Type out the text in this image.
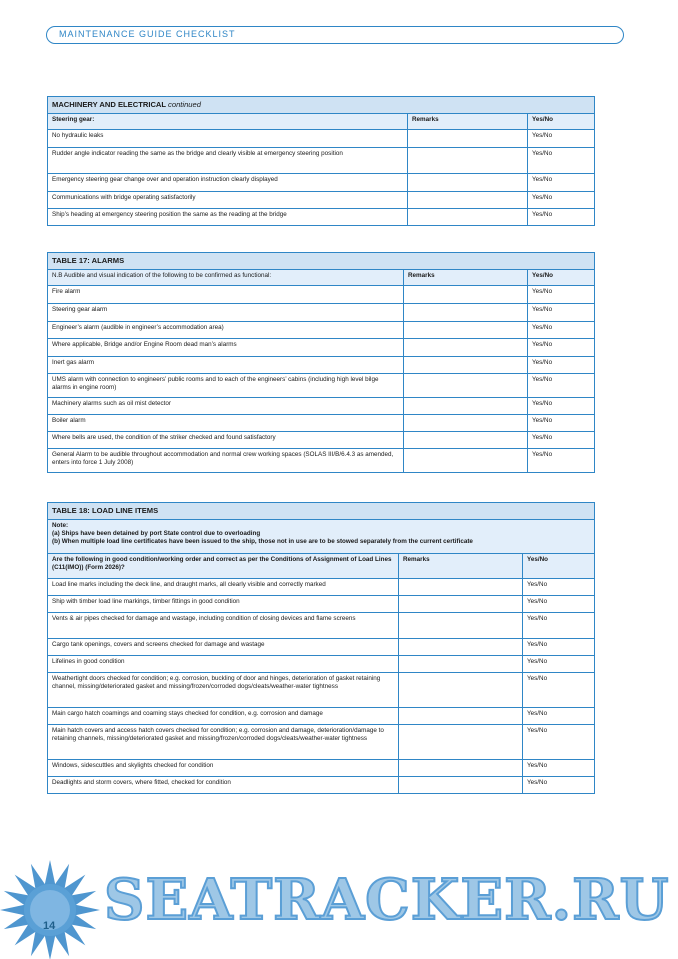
MAINTENANCE GUIDE CHECKLIST
MACHINERY AND ELECTRICAL continued		
Steering gear:	Remarks	Yes/No
No hydraulic leaks		Yes/No
Rudder angle indicator reading the same as the bridge and clearly visible at emergency steering position		Yes/No
Emergency steering gear change over and operation instruction clearly displayed		Yes/No
Communications with bridge operating satisfactorily		Yes/No
Ship’s heading at emergency steering position the same as the reading at the bridge		Yes/No
TABLE 17: ALARMS		
N.B Audible and visual indication of the following to be confirmed as functional:	Remarks	Yes/No
Fire alarm		Yes/No
Steering gear alarm		Yes/No
Engineer’s alarm (audible in engineer’s accommodation area)		Yes/No
Where applicable, Bridge and/or Engine Room dead man’s alarms		Yes/No
Inert gas alarm		Yes/No
UMS alarm with connection to engineers’ public rooms and to each of the engineers’ cabins (including high level bilge alarms in engine room)		Yes/No
Machinery alarms such as oil mist detector		Yes/No
Boiler alarm		Yes/No
Where bells are used, the condition of the striker checked and found satisfactory		Yes/No
General Alarm to be audible throughout accommodation and normal crew working spaces (SOLAS III/B/6.4.3 as amended, enters into force 1 July 2008)		Yes/No
TABLE 18: LOAD LINE ITEMS		

Note:
(a) Ships have been detained by port State control due to overloading
(b) When multiple load line certificates have been issued to the ship, those not in use are to be stowed separately from the current certificate		

Are the following in good condition/working order and correct as per the Conditions of Assignment of Load Lines (C11(IMO)) (Form 2026)?	Remarks	Yes/No
Load line marks including the deck line, and draught marks, all clearly visible and correctly marked		Yes/No
Ship with timber load line markings, timber fittings in good condition		Yes/No
Vents & air pipes checked for damage and wastage, including condition of closing devices and flame screens		Yes/No
Cargo tank openings, covers and screens checked for damage and wastage		Yes/No
Lifelines in good condition		Yes/No
Weathertight doors checked for condition; e.g. corrosion, buckling of door and hinges, deterioration of gasket retaining channel, missing/deteriorated gasket and missing/frozen/corroded dogs/cleats/weather-water tightness		Yes/No
Main cargo hatch coamings and coaming stays checked for condition, e.g. corrosion and damage		Yes/No
Main hatch covers and access hatch covers checked for condition; e.g. corrosion and damage, deterioration/damage to retaining channels, missing/deteriorated gasket and missing/frozen/corroded dogs/cleats/weather-water tightness		Yes/No
Windows, sidescuttles and skylights checked for condition		Yes/No
Deadlights and storm covers, where fitted, checked for condition		Yes/No
14 SEATRACKER.RU
